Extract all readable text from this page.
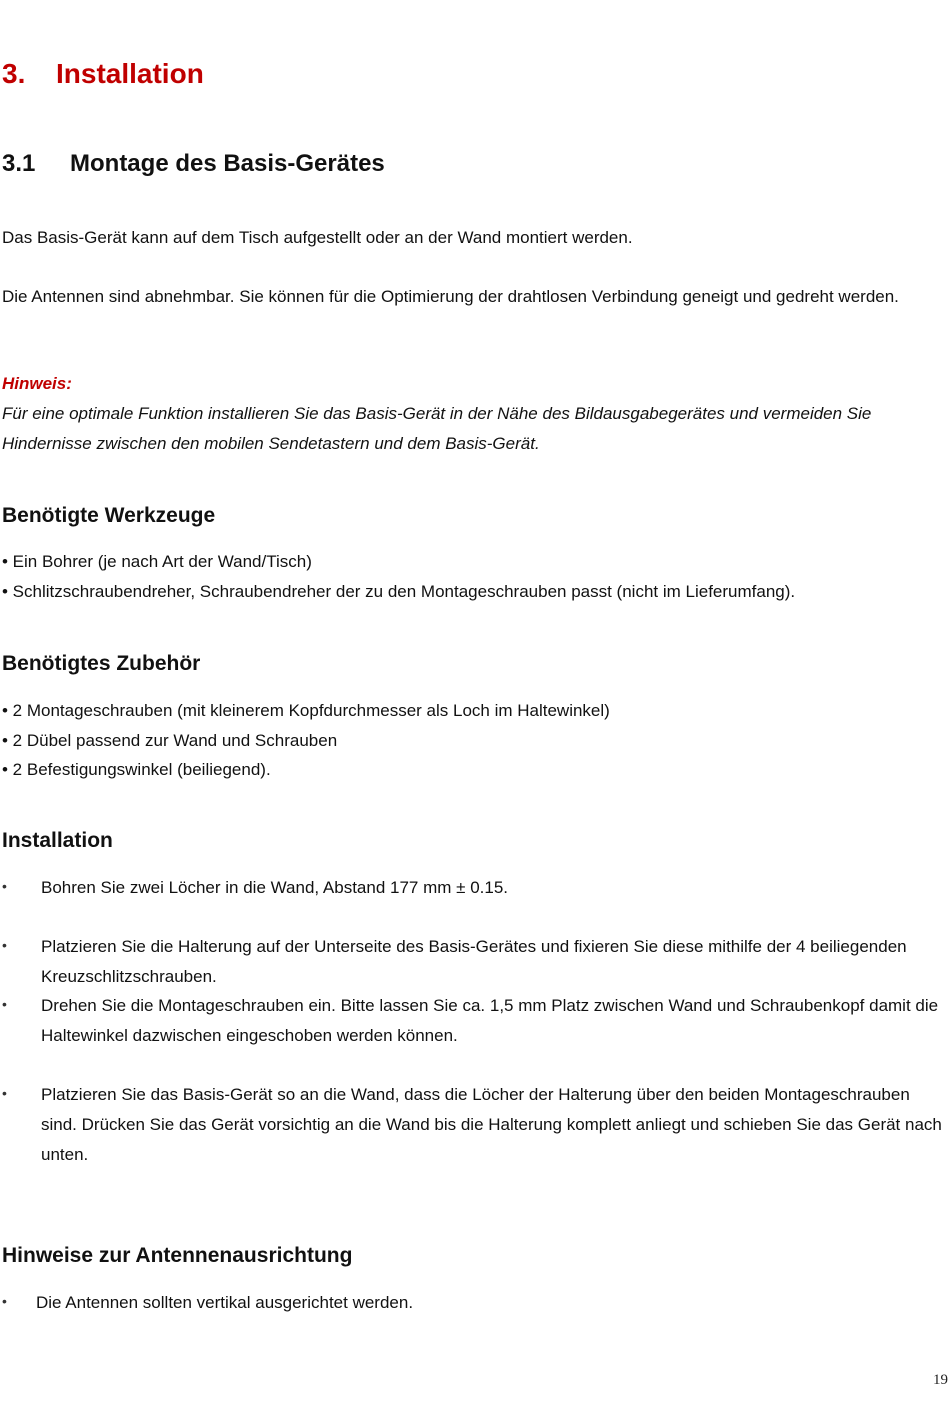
3. Installation
3.1 Montage des Basis-Gerätes
Das Basis-Gerät kann auf dem Tisch aufgestellt oder an der Wand montiert werden.
Die Antennen sind abnehmbar. Sie können für die Optimierung der drahtlosen Verbindung geneigt und gedreht werden.
Hinweis:
Für eine optimale Funktion installieren Sie das Basis-Gerät in der Nähe des Bildausgabegerätes und vermeiden Sie Hindernisse zwischen den mobilen Sendetastern und dem Basis-Gerät.
Benötigte Werkzeuge
• Ein Bohrer (je nach Art der Wand/Tisch)
• Schlitzschraubendreher, Schraubendreher der zu den Montageschrauben passt (nicht im Lieferumfang).
Benötigtes Zubehör
• 2 Montageschrauben (mit kleinerem Kopfdurchmesser als Loch im Haltewinkel)
• 2 Dübel passend zur Wand und Schrauben
• 2 Befestigungswinkel (beiliegend).
Installation
• Bohren Sie zwei Löcher in die Wand, Abstand 177 mm ± 0.15.
• Platzieren Sie die Halterung auf der Unterseite des Basis-Gerätes und fixieren Sie diese mithilfe der 4 beiliegenden Kreuzschlitzschrauben.
• Drehen Sie die Montageschrauben ein. Bitte lassen Sie ca. 1,5 mm Platz zwischen Wand und Schraubenkopf damit die Haltewinkel dazwischen eingeschoben werden können.
• Platzieren Sie das Basis-Gerät so an die Wand, dass die Löcher der Halterung über den beiden Montageschrauben sind. Drücken Sie das Gerät vorsichtig an die Wand bis die Halterung komplett anliegt und schieben Sie das Gerät nach unten.
Hinweise zur Antennenausrichtung
• Die Antennen sollten vertikal ausgerichtet werden.
19
